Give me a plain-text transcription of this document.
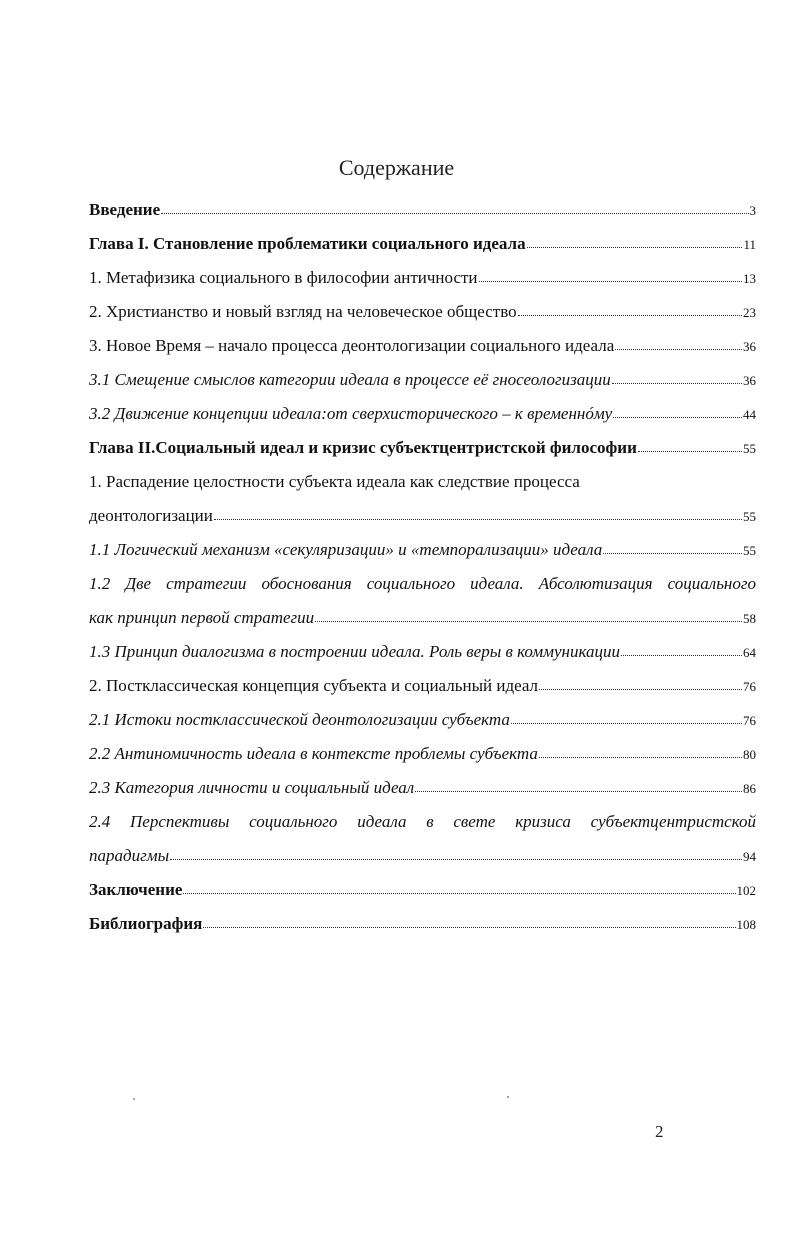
Содержание
Введение	3
Глава I. Становление проблематики социального идеала	11
1. Метафизика социального в философии античности	13
2. Христианство и новый взгляд на человеческое общество	23
3. Новое Время – начало процесса деонтологизации социального идеала	36
3.1 Смещение смыслов категории идеала в процессе её гносеологизации	36
3.2 Движение концепции идеала:от сверхисторического – к временнóму	44
Глава II.Социальный идеал и кризис субъектцентристской философии	55
1. Распадение целостности субъекта идеала как следствие процесса
деонтологизации	55
1.1 Логический механизм «секуляризации» и «темпорализации» идеала	55
1.2 Две стратегии обоснования социального идеала. Абсолютизация социального
как принцип первой стратегии	58
1.3 Принцип диалогизма в построении идеала. Роль веры в коммуникации	64
2. Постклассическая концепция субъекта и социальный идеал	76
2.1 Истоки постклассической деонтологизации субъекта	76
2.2 Антиномичность идеала в контексте проблемы субъекта	80
2.3 Категория личности и социальный идеал	86
2.4 Перспективы социального идеала в свете кризиса субъектцентристской
парадигмы	94
Заключение	102
Библиография	108
2
